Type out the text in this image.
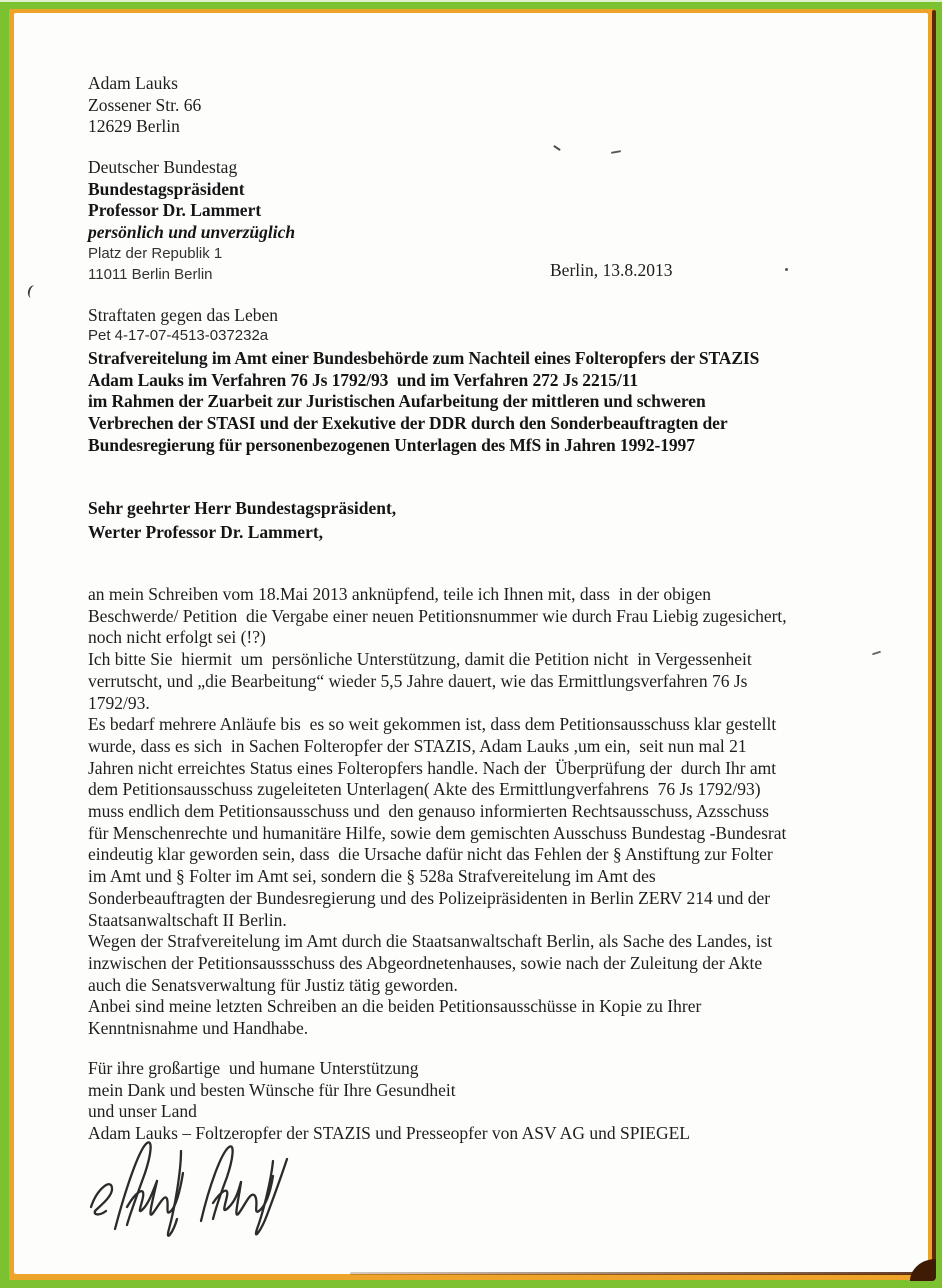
Adam Lauks
Zossener Str. 66
12629 Berlin
Deutscher Bundestag
Bundestagspräsident
Professor Dr. Lammert
persönlich und unverzüglich
Platz der Republik 1
11011 Berlin Berlin	Berlin, 13.8.2013
Straftaten gegen das Leben
Pet 4-17-07-4513-037232a
Strafvereitelung im Amt einer Bundesbehörde zum Nachteil eines Folteropfers der STAZIS
Adam Lauks im Verfahren 76 Js 1792/93  und im Verfahren 272 Js 2215/11
im Rahmen der Zuarbeit zur Juristischen Aufarbeitung der mittleren und schweren
Verbrechen der STASI und der Exekutive der DDR durch den Sonderbeauftragten der
Bundesregierung für personenbezogenen Unterlagen des MfS in Jahren 1992-1997
Sehr geehrter Herr Bundestagspräsident,
Werter Professor Dr. Lammert,
an mein Schreiben vom 18.Mai 2013 anknüpfend, teile ich Ihnen mit, dass  in der obigen
Beschwerde/ Petition  die Vergabe einer neuen Petitionsnummer wie durch Frau Liebig zugesichert,
noch nicht erfolgt sei (!?)
Ich bitte Sie  hiermit  um  persönliche Unterstützung, damit die Petition nicht  in Vergessenheit
verrutscht, und „die Bearbeitung“ wieder 5,5 Jahre dauert, wie das Ermittlungsverfahren 76 Js
1792/93.
Es bedarf mehrere Anläufe bis  es so weit gekommen ist, dass dem Petitionsausschuss klar gestellt
wurde, dass es sich  in Sachen Folteropfer der STAZIS, Adam Lauks ,um ein,  seit nun mal 21
Jahren nicht erreichtes Status eines Folteropfers handle. Nach der  Überprüfung der  durch Ihr amt
dem Petitionsausschuss zugeleiteten Unterlagen( Akte des Ermittlungverfahrens  76 Js 1792/93)
muss endlich dem Petitionsausschuss und  den genauso informierten Rechtsausschuss, Azsschuss
für Menschenrechte und humanitäre Hilfe, sowie dem gemischten Ausschuss Bundestag -Bundesrat
eindeutig klar geworden sein, dass  die Ursache dafür nicht das Fehlen der § Anstiftung zur Folter
im Amt und § Folter im Amt sei, sondern die § 528a Strafvereitelung im Amt des
Sonderbeauftragten der Bundesregierung und des Polizeipräsidenten in Berlin ZERV 214 und der
Staatsanwaltschaft II Berlin.
Wegen der Strafvereitelung im Amt durch die Staatsanwaltschaft Berlin, als Sache des Landes, ist
inzwischen der Petitionsaussschuss des Abgeordnetenhauses, sowie nach der Zuleitung der Akte
auch die Senatsverwaltung für Justiz tätig geworden.
Anbei sind meine letzten Schreiben an die beiden Petitionsausschüsse in Kopie zu Ihrer
Kenntnisnahme und Handhabe.
Für ihre großartige  und humane Unterstützung
mein Dank und besten Wünsche für Ihre Gesundheit
und unser Land
Adam Lauks – Foltzeropfer der STAZIS und Presseopfer von ASV AG und SPIEGEL
